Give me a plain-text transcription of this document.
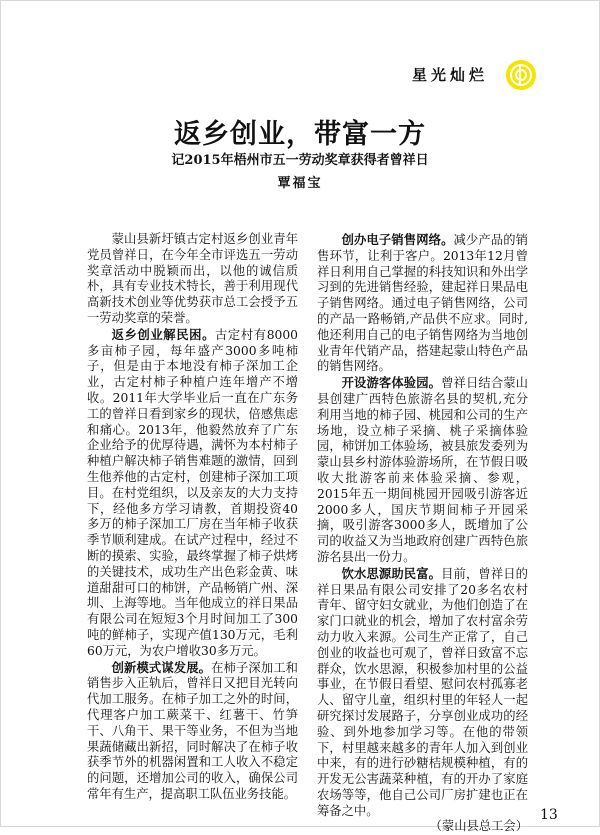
星光灿烂
返乡创业，带富一方
记2015年梧州市五一劳动奖章获得者曾祥日
覃福宝

蒙山县新圩镇古定村返乡创业青年党员曾祥日，在今年全市评选五一劳动奖章活动中脱颖而出，以他的诚信质朴，具有专业技术特长，善于利用现代高新技术创业等优势获市总工会授予五一劳动奖章的荣誉。

返乡创业解民困。古定村有8000多亩柿子园，每年盛产3000多吨柿子，但是由于本地没有柿子深加工企业，古定村柿子种植户连年增产不增收。2011年大学毕业后一直在广东务工的曾祥日看到家乡的现状，倍感焦虑和痛心。2013年，他毅然放弃了广东企业给予的优厚待遇，满怀为本村柿子种植户解决柿子销售难题的激情，回到生他养他的古定村，创建柿子深加工项目。在村党组织，以及亲友的大力支持下，经他多方学习请教，首期投资40多万的柿子深加工厂房在当年柿子收获季节顺利建成。在试产过程中，经过不断的摸索、实验，最终掌握了柿子烘烤的关键技术，成功生产出色彩金黄、味道甜甜可口的柿饼，产品畅销广州、深圳、上海等地。当年他成立的祥日果品有限公司在短短3个月时间加工了300吨的鲜柿子，实现产值130万元，毛利60万元，为农户增收30多万元。

创新模式谋发展。在柿子深加工和销售步入正轨后，曾祥日又把目光转向代加工服务。在柿子加工之外的时间，代理客户加工蕨菜干、红薯干、竹笋干、八角干、果干等业务，不但为当地果蔬储藏出新招，同时解决了在柿子收获季节外的机器闲置和工人收入不稳定的问题，还增加公司的收入，确保公司常年有生产，提高职工队伍业务技能。

创办电子销售网络。减少产品的销售环节，让利于客户。2013年12月曾祥日利用自己掌握的科技知识和外出学习到的先进销售经验，建起祥日果品电子销售网络。通过电子销售网络，公司的产品一路畅销,产品供不应求。同时,他还利用自己的电子销售网络为当地创业青年代销产品，搭建起蒙山特色产品的销售网络。

开设游客体验园。曾祥日结合蒙山县创建广西特色旅游名县的契机,充分利用当地的柿子园、桃园和公司的生产场地，设立柿子采摘、桃子采摘体验园，柿饼加工体验场，被县旅发委列为蒙山县乡村游体验游场所，在节假日吸收大批游客前来体验采摘、参观，2015年五一期间桃园开园吸引游客近2000多人，国庆节期间柿子开园采摘，吸引游客3000多人，既增加了公司的收益又为当地政府创建广西特色旅游名县出一份力。

饮水思源助民富。目前，曾祥日的祥日果品有限公司安排了20多名农村青年、留守妇女就业，为他们创造了在家门口就业的机会，增加了农村富余劳动力收入来源。公司生产正常了，自己创业的收益也可观了，曾祥日致富不忘群众，饮水思源，积极参加村里的公益事业，在节假日看望、慰问农村孤寡老人、留守儿童，组织村里的年轻人一起研究探讨发展路子，分享创业成功的经验、到外地参加学习等。在他的带领下，村里越来越多的青年人加入到创业中来，有的进行砂糖桔规模种植，有的开发无公害蔬菜种植，有的开办了家庭农场等等，他自己公司厂房扩建也正在筹备之中。

（蒙山县总工会）

13
